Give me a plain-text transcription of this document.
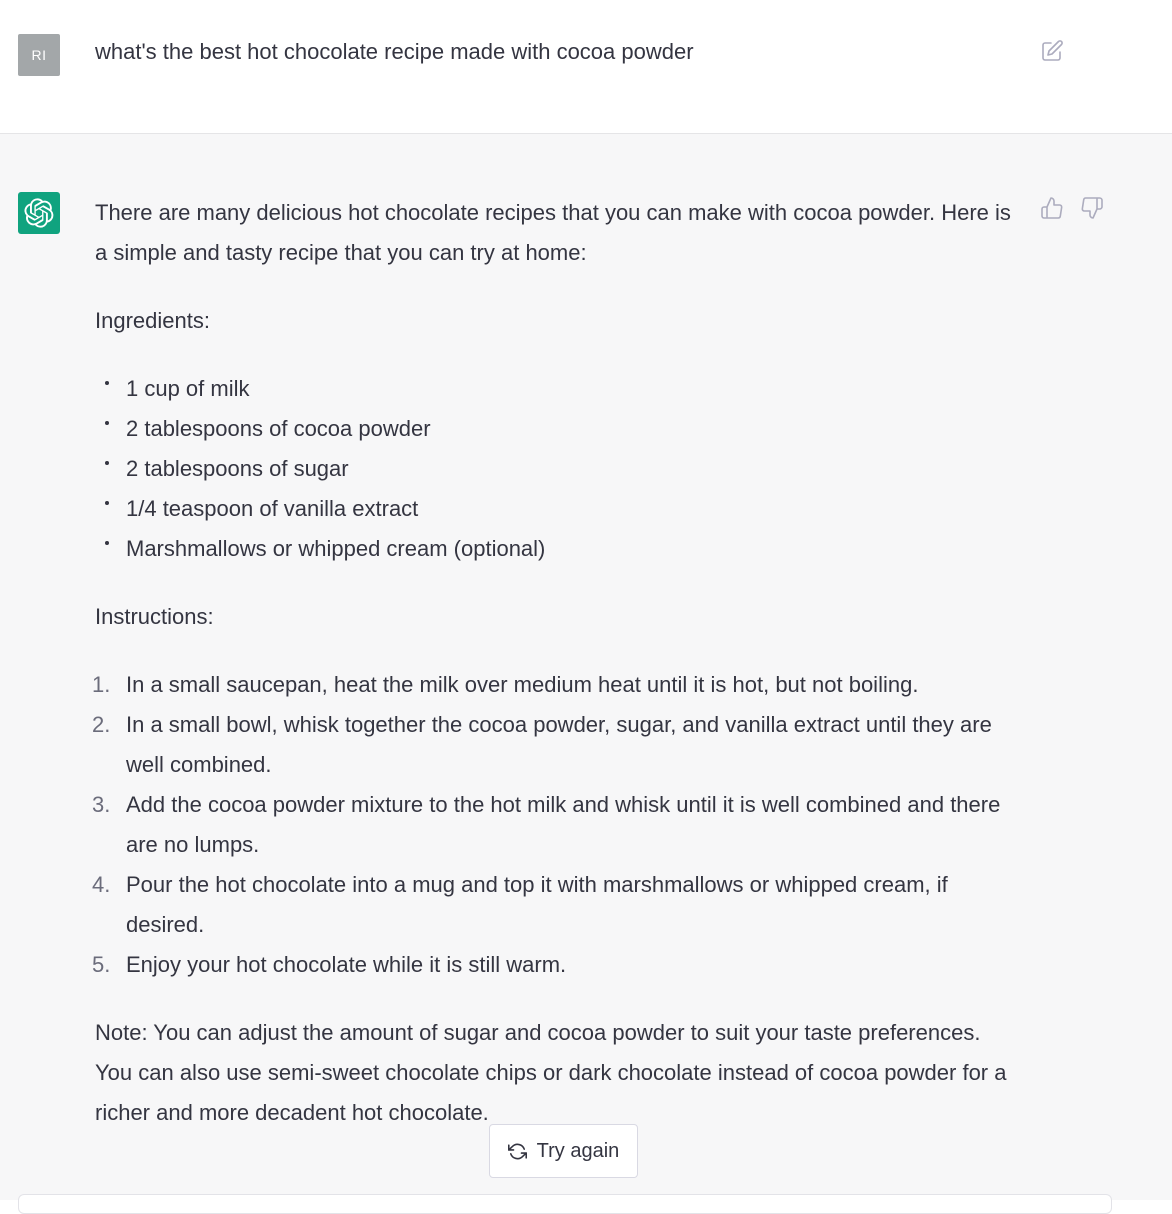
RI what's the best hot chocolate recipe made with cocoa powder

There are many delicious hot chocolate recipes that you can make with cocoa powder. Here is a simple and tasty recipe that you can try at home:

Ingredients:

1 cup of milk
2 tablespoons of cocoa powder
2 tablespoons of sugar
1/4 teaspoon of vanilla extract
Marshmallows or whipped cream (optional)

Instructions:

1. In a small saucepan, heat the milk over medium heat until it is hot, but not boiling.
2. In a small bowl, whisk together the cocoa powder, sugar, and vanilla extract until they are well combined.
3. Add the cocoa powder mixture to the hot milk and whisk until it is well combined and there are no lumps.
4. Pour the hot chocolate into a mug and top it with marshmallows or whipped cream, if desired.
5. Enjoy your hot chocolate while it is still warm.

Note: You can adjust the amount of sugar and cocoa powder to suit your taste preferences. You can also use semi-sweet chocolate chips or dark chocolate instead of cocoa powder for a richer and more decadent hot chocolate.

Try again
